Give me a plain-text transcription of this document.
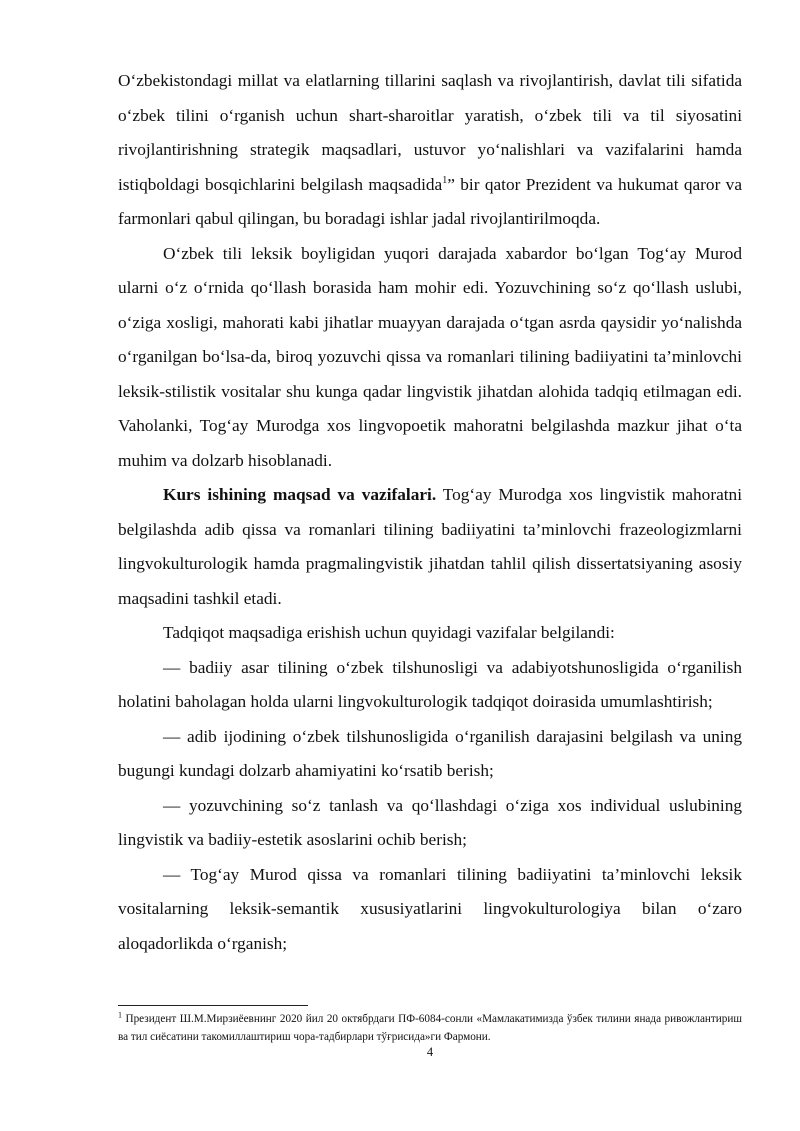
O‘zbekistondagi millat va elatlarning tillarini saqlash va rivojlantirish, davlat tili sifatida o‘zbek tilini o‘rganish uchun shart-sharoitlar yaratish, o‘zbek tili va til siyosatini rivojlantirishning strategik maqsadlari, ustuvor yo‘nalishlari va vazifalarini hamda istiqboldagi bosqichlarini belgilash maqsadida$^1$” bir qator Prezident va hukumat qaror va farmonlari qabul qilingan, bu boradagi ishlar jadal rivojlantirilmoqda.

O‘zbek tili leksik boyligidan yuqori darajada xabardor bo‘lgan Tog‘ay Murod ularni o‘z o‘rnida qo‘llash borasida ham mohir edi. Yozuvchining so‘z qo‘llash uslubi, o‘ziga xosligi, mahorati kabi jihatlar muayyan darajada o‘tgan asrda qaysidir yo‘nalishda o‘rganilgan bo‘lsa-da, biroq yozuvchi qissa va romanlari tilining badiiyatini ta’minlovchi leksik-stilistik vositalar shu kunga qadar lingvistik jihatdan alohida tadqiq etilmagan edi. Vaholanki, Tog‘ay Murodga xos lingvopoetik mahoratni belgilashda mazkur jihat o‘ta muhim va dolzarb hisoblanadi.

Kurs ishining maqsad va vazifalari. Tog‘ay Murodga xos lingvistik mahoratni belgilashda adib qissa va romanlari tilining badiiyatini ta’minlovchi frazeologizmlarni lingvokulturologik hamda pragmalingvistik jihatdan tahlil qilish dissertatsiyaning asosiy maqsadini tashkil etadi.

Tadqiqot maqsadiga erishish uchun quyidagi vazifalar belgilandi:

— badiiy asar tilining o‘zbek tilshunosligi va adabiyotshunosligida o‘rganilish holatini baholagan holda ularni lingvokulturologik tadqiqot doirasida umumlashtirish;

— adib ijodining o‘zbek tilshunosligida o‘rganilish darajasini belgilash va uning bugungi kundagi dolzarb ahamiyatini ko‘rsatib berish;

— yozuvchining so‘z tanlash va qo‘llashdagi o‘ziga xos individual uslubining lingvistik va badiiy-estetik asoslarini ochib berish;

— Tog‘ay Murod qissa va romanlari tilining badiiyatini ta’minlovchi leksik vositalarning leksik-semantik xususiyatlarini lingvokulturologiya bilan o‘zaro aloqadorlikda o‘rganish;

$^1$ Президент Ш.М.Мирзиёевнинг 2020 йил 20 октябрдаги ПФ-6084-сонли «Мамлакатимизда ўзбек тилини янада ривожлантириш ва тил сиёсатини такомиллаштириш чора-тадбирлари тўғрисида»ги Фармони.

4
